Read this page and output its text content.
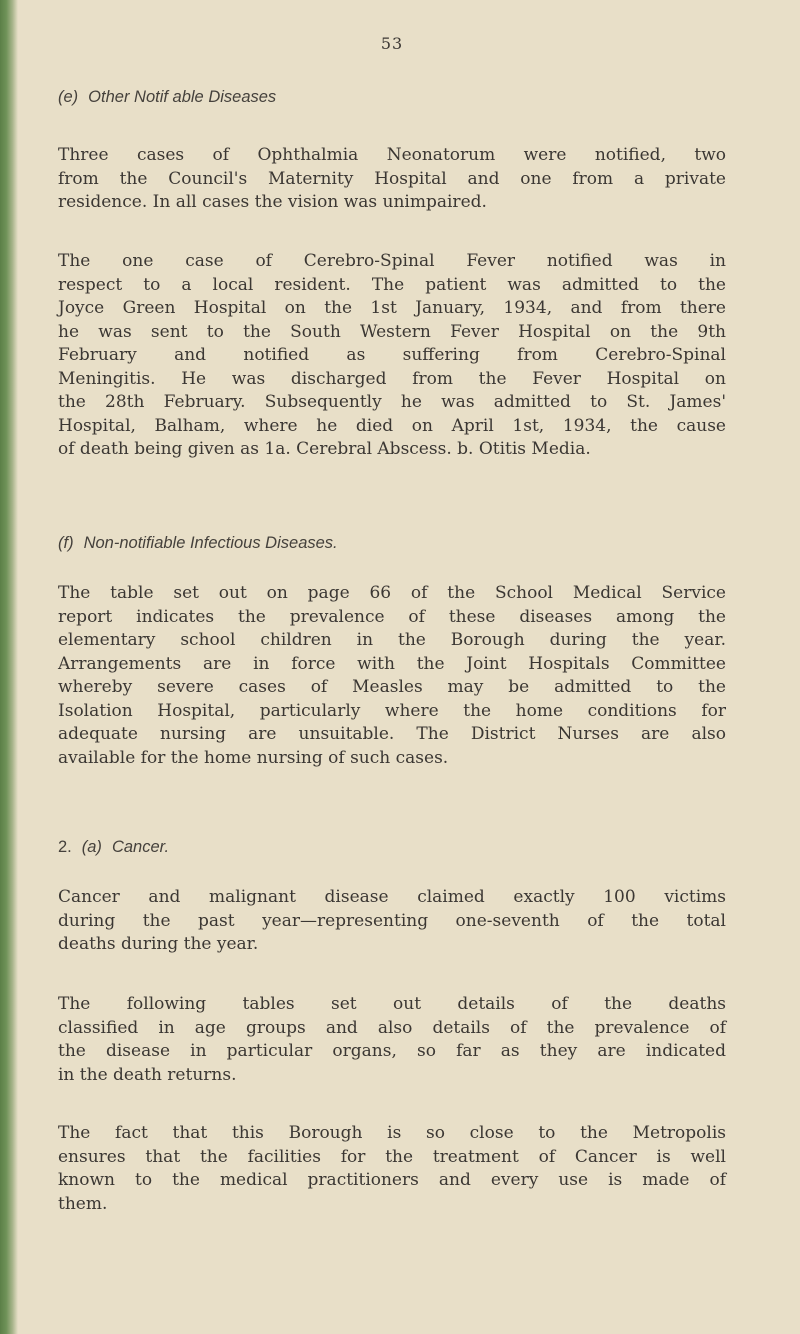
53
(e) Other Notif able Diseases

Three cases of Ophthalmia Neonatorum were notified, two
from the Council's Maternity Hospital and one from a private
residence. In all cases the vision was unimpaired.

The one case of Cerebro-Spinal Fever notified was in
respect to a local resident. The patient was admitted to the
Joyce Green Hospital on the 1st January, 1934, and from there
he was sent to the South Western Fever Hospital on the 9th
February and notified as suffering from Cerebro-Spinal
Meningitis. He was discharged from the Fever Hospital on
the 28th February. Subsequently he was admitted to St. James'
Hospital, Balham, where he died on April 1st, 1934, the cause
of death being given as 1a. Cerebral Abscess. b. Otitis Media.

(f) Non-notifiable Infectious Diseases.

The table set out on page 66 of the School Medical Service
report indicates the prevalence of these diseases among the
elementary school children in the Borough during the year.
Arrangements are in force with the Joint Hospitals Committee
whereby severe cases of Measles may be admitted to the
Isolation Hospital, particularly where the home conditions for
adequate nursing are unsuitable. The District Nurses are also
available for the home nursing of such cases.

2. (a) Cancer.

Cancer and malignant disease claimed exactly 100 victims
during the past year—representing one-seventh of the total
deaths during the year.

The following tables set out details of the deaths
classified in age groups and also details of the prevalence of
the disease in particular organs, so far as they are indicated
in the death returns.

The fact that this Borough is so close to the Metropolis
ensures that the facilities for the treatment of Cancer is well
known to the medical practitioners and every use is made of
them.
